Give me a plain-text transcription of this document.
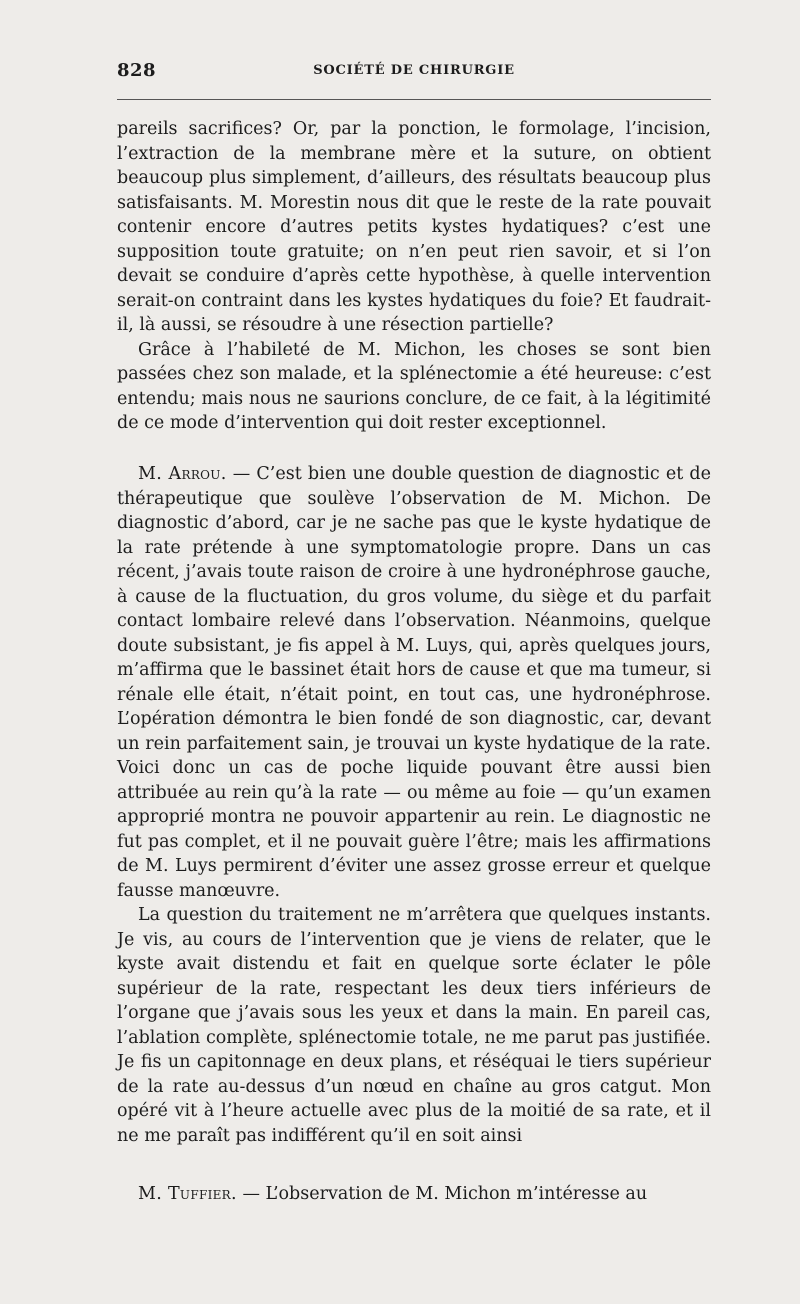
828	SOCIÉTÉ DE CHIRURGIE

pareils sacrifices? Or, par la ponction, le formolage, l’incision, l’extraction de la membrane mère et la suture, on obtient beaucoup plus simplement, d’ailleurs, des résultats beaucoup plus satisfaisants. M. Morestin nous dit que le reste de la rate pouvait contenir encore d’autres petits kystes hydatiques? c’est une supposition toute gratuite; on n’en peut rien savoir, et si l’on devait se conduire d’après cette hypothèse, à quelle intervention serait-on contraint dans les kystes hydatiques du foie? Et faudrait-il, là aussi, se résoudre à une résection partielle?

Grâce à l’habileté de M. Michon, les choses se sont bien passées chez son malade, et la splénectomie a été heureuse: c’est entendu; mais nous ne saurions conclure, de ce fait, à la légitimité de ce mode d’intervention qui doit rester exceptionnel.

M. Arrou. — C’est bien une double question de diagnostic et de thérapeutique que soulève l’observation de M. Michon. De diagnostic d’abord, car je ne sache pas que le kyste hydatique de la rate prétende à une symptomatologie propre. Dans un cas récent, j’avais toute raison de croire à une hydronéphrose gauche, à cause de la fluctuation, du gros volume, du siège et du parfait contact lombaire relevé dans l’observation. Néanmoins, quelque doute subsistant, je fis appel à M. Luys, qui, après quelques jours, m’affirma que le bassinet était hors de cause et que ma tumeur, si rénale elle était, n’était point, en tout cas, une hydronéphrose. L’opération démontra le bien fondé de son diagnostic, car, devant un rein parfaitement sain, je trouvai un kyste hydatique de la rate. Voici donc un cas de poche liquide pouvant être aussi bien attribuée au rein qu’à la rate — ou même au foie — qu’un examen approprié montra ne pouvoir appartenir au rein. Le diagnostic ne fut pas complet, et il ne pouvait guère l’être; mais les affirmations de M. Luys permirent d’éviter une assez grosse erreur et quelque fausse manœuvre.

La question du traitement ne m’arrêtera que quelques instants. Je vis, au cours de l’intervention que je viens de relater, que le kyste avait distendu et fait en quelque sorte éclater le pôle supérieur de la rate, respectant les deux tiers inférieurs de l’organe que j’avais sous les yeux et dans la main. En pareil cas, l’ablation complète, splénectomie totale, ne me parut pas justifiée. Je fis un capitonnage en deux plans, et réséquai le tiers supérieur de la rate au-dessus d’un nœud en chaîne au gros catgut. Mon opéré vit à l’heure actuelle avec plus de la moitié de sa rate, et il ne me paraît pas indifférent qu’il en soit ainsi

M. Tuffier. — L’observation de M. Michon m’intéresse au
